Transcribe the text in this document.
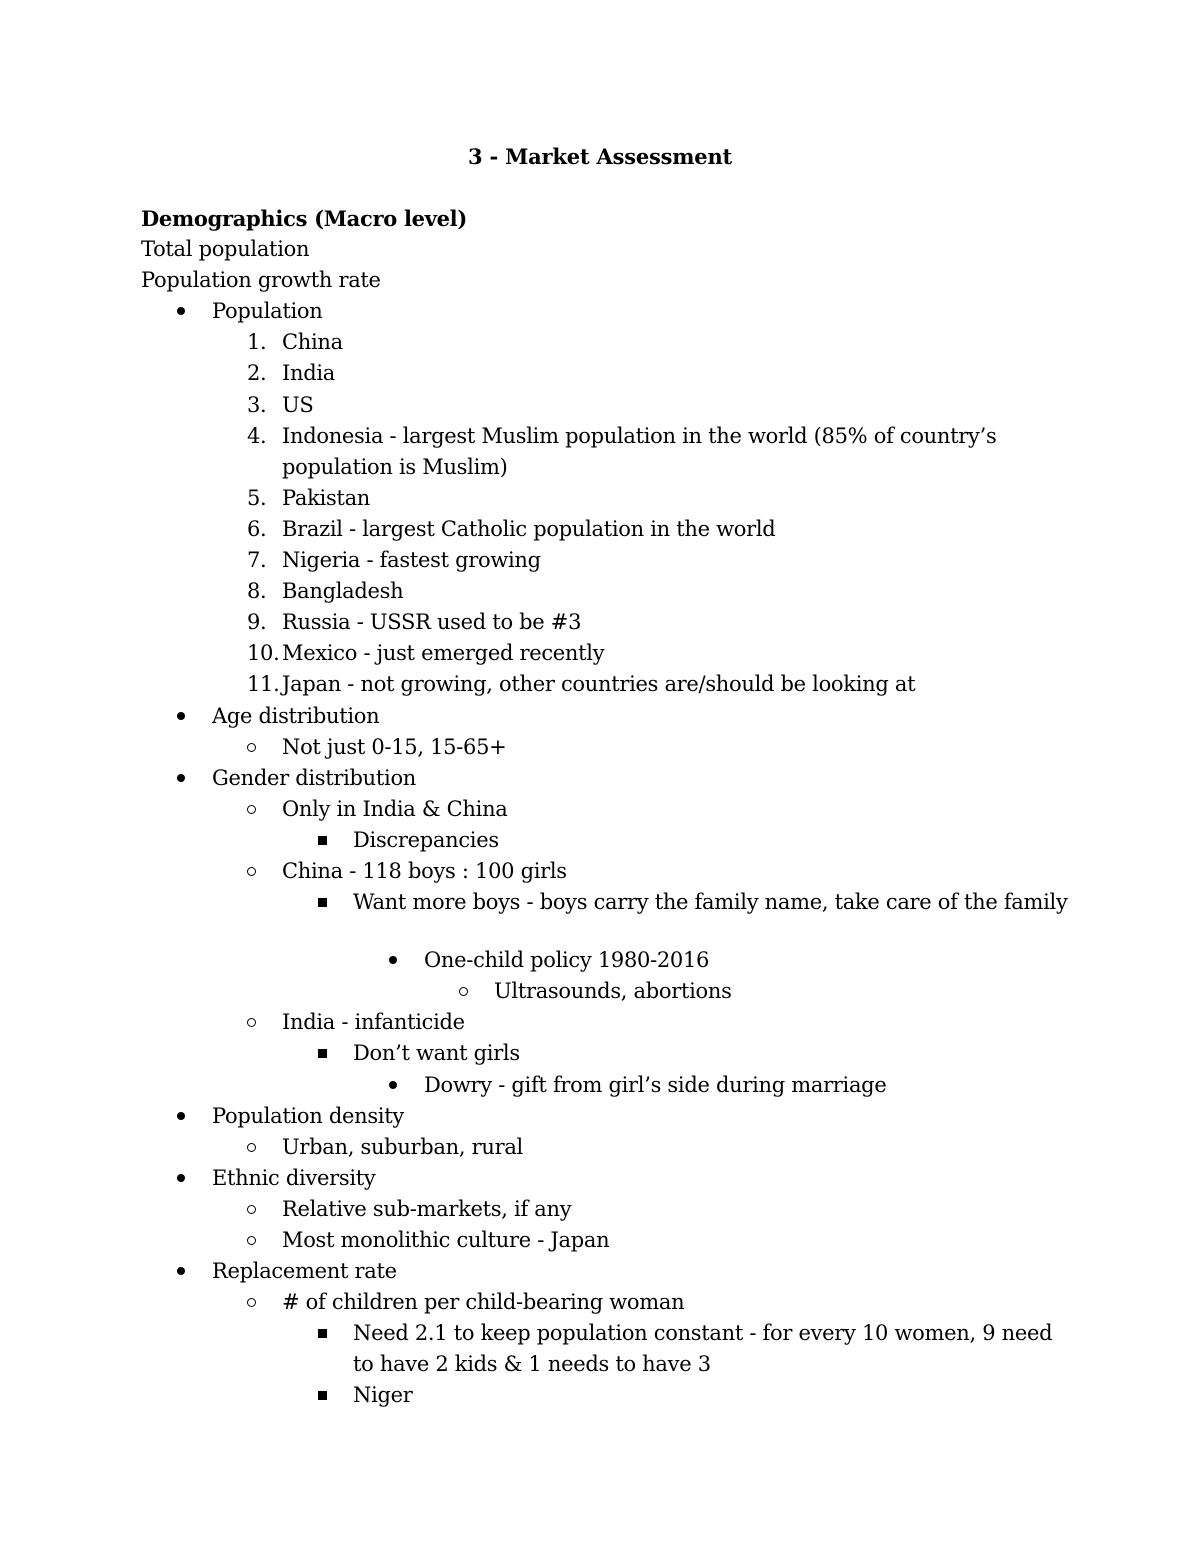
3 - Market Assessment
Demographics (Macro level)
Total population
Population growth rate
Population
1. China
2. India
3. US
4. Indonesia - largest Muslim population in the world (85% of country’s population is Muslim)
5. Pakistan
6. Brazil - largest Catholic population in the world
7. Nigeria - fastest growing
8. Bangladesh
9. Russia - USSR used to be #3
10. Mexico - just emerged recently
11. Japan - not growing, other countries are/should be looking at
Age distribution
Not just 0-15, 15-65+
Gender distribution
Only in India & China
Discrepancies
China - 118 boys : 100 girls
Want more boys - boys carry the family name, take care of the family
One-child policy 1980-2016
Ultrasounds, abortions
India - infanticide
Don’t want girls
Dowry - gift from girl’s side during marriage
Population density
Urban, suburban, rural
Ethnic diversity
Relative sub-markets, if any
Most monolithic culture - Japan
Replacement rate
# of children per child-bearing woman
Need 2.1 to keep population constant - for every 10 women, 9 need to have 2 kids & 1 needs to have 3
Niger
